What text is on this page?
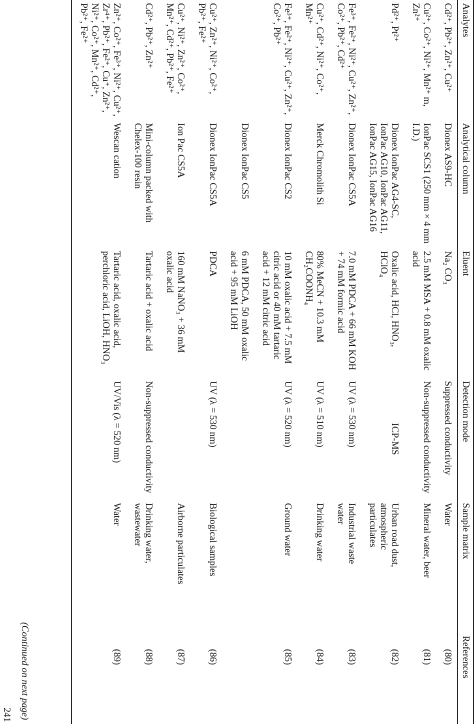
Analytes	Analytical column	Eluent	Detection mode	Sample matrix	References
Cd²⁺, Pb²⁺, Zn²⁺, Cu²⁺	Dionex AS9-HC	Na₂ CO₃	Suppressed conductivity	Water	(80)
Cu²⁺, Co²⁺, Ni²⁺, Mn²⁺ m, Zn²⁺	IonPac SCS1 (250 mm × 4 mm I.D.)	2.5 mM MSA + 0.8 mM oxalic acid	Non-suppressed conductivity	Mineral water, beer	(81)
Pd²⁺, Pt²⁺	Dionex IonPac AG4-SC, IonPac AG10, IonPac AG11, IonPac AG15, IonPac AG16	Oxalic acid, HCl, HNO₃, HClO₄	ICP-MS	Urban road dust, atmospheric particulates	(82)
Fe³⁺, Fe²⁺, Ni²⁺, Cu²⁺, Zn²⁺, Co²⁺, Pb²⁺, Cd²⁺	Dionex IonPac CS5A	7.0 mM PDCA + 66 mM KOH + 74 mM formic acid	UV (λ = 530 nm)	Industrial waste water	(83)
Cu²⁺, Cd²⁺, Ni²⁺, Co²⁺, Mn²⁺	Merck Chromolith Si	80% MeCN + 10.3 mM CH₂COONH₄	UV (λ = 510 nm)	Drinking water	(84)
Fe³⁺, Fe²⁺, Ni²⁺, Cu²⁺, Zn²⁺, Co²⁺, Pb²⁺	Dionex IonPac CS2	10 mM oxalic acid + 7.5 mM citric acid or 40 mM tartaric acid + 12 mM citric acid	UV (λ = 520 nm)	Ground water	(85)
	Dionex IonPac CS5	6 mM PDCA, 50 mM oxalic acid + 95 mM LiOH			
Cu²⁺, Zn²⁺, Ni²⁺, Co²⁺, Pb²⁺, Fe²⁺	Dionex IonPac CS5A	PDCA	UV (λ = 530 nm)	Biological samples	(86)
Cu²⁺, Ni²⁺, Zn²⁺, Co²⁺, Mn²⁺, Cd²⁺, Pb²⁺, Fe²⁺	Ion Pac CS5A	160 mM NaNO₃ + 36 mM oxalic acid		Airborne particulates	(87)
Cd²⁺, Pb²⁺, Zn²⁺	Mini-column packed with Chelex-100 resin	Tartaric acid + oxalic acid	Non-suppressed conductivity	Drinking water, wastewater	(88)
Zn²⁺, Co²⁺, Fe³⁺, Ni²⁺, Cu²⁺, Zr⁴⁺, Pb²⁺, Fe²⁺, Cu⁺, Zn²⁺, Ni²⁺, Co²⁺, Mn²⁺, Cd²⁺, Pb²⁺, Fe²⁺	Wescan cation	Tartaric acid, oxalic acid, perchloric acid, LiOH, HNO₃	UV/Vis (λ = 520 nm)	Water	(89)
(Continued on next page)
241
